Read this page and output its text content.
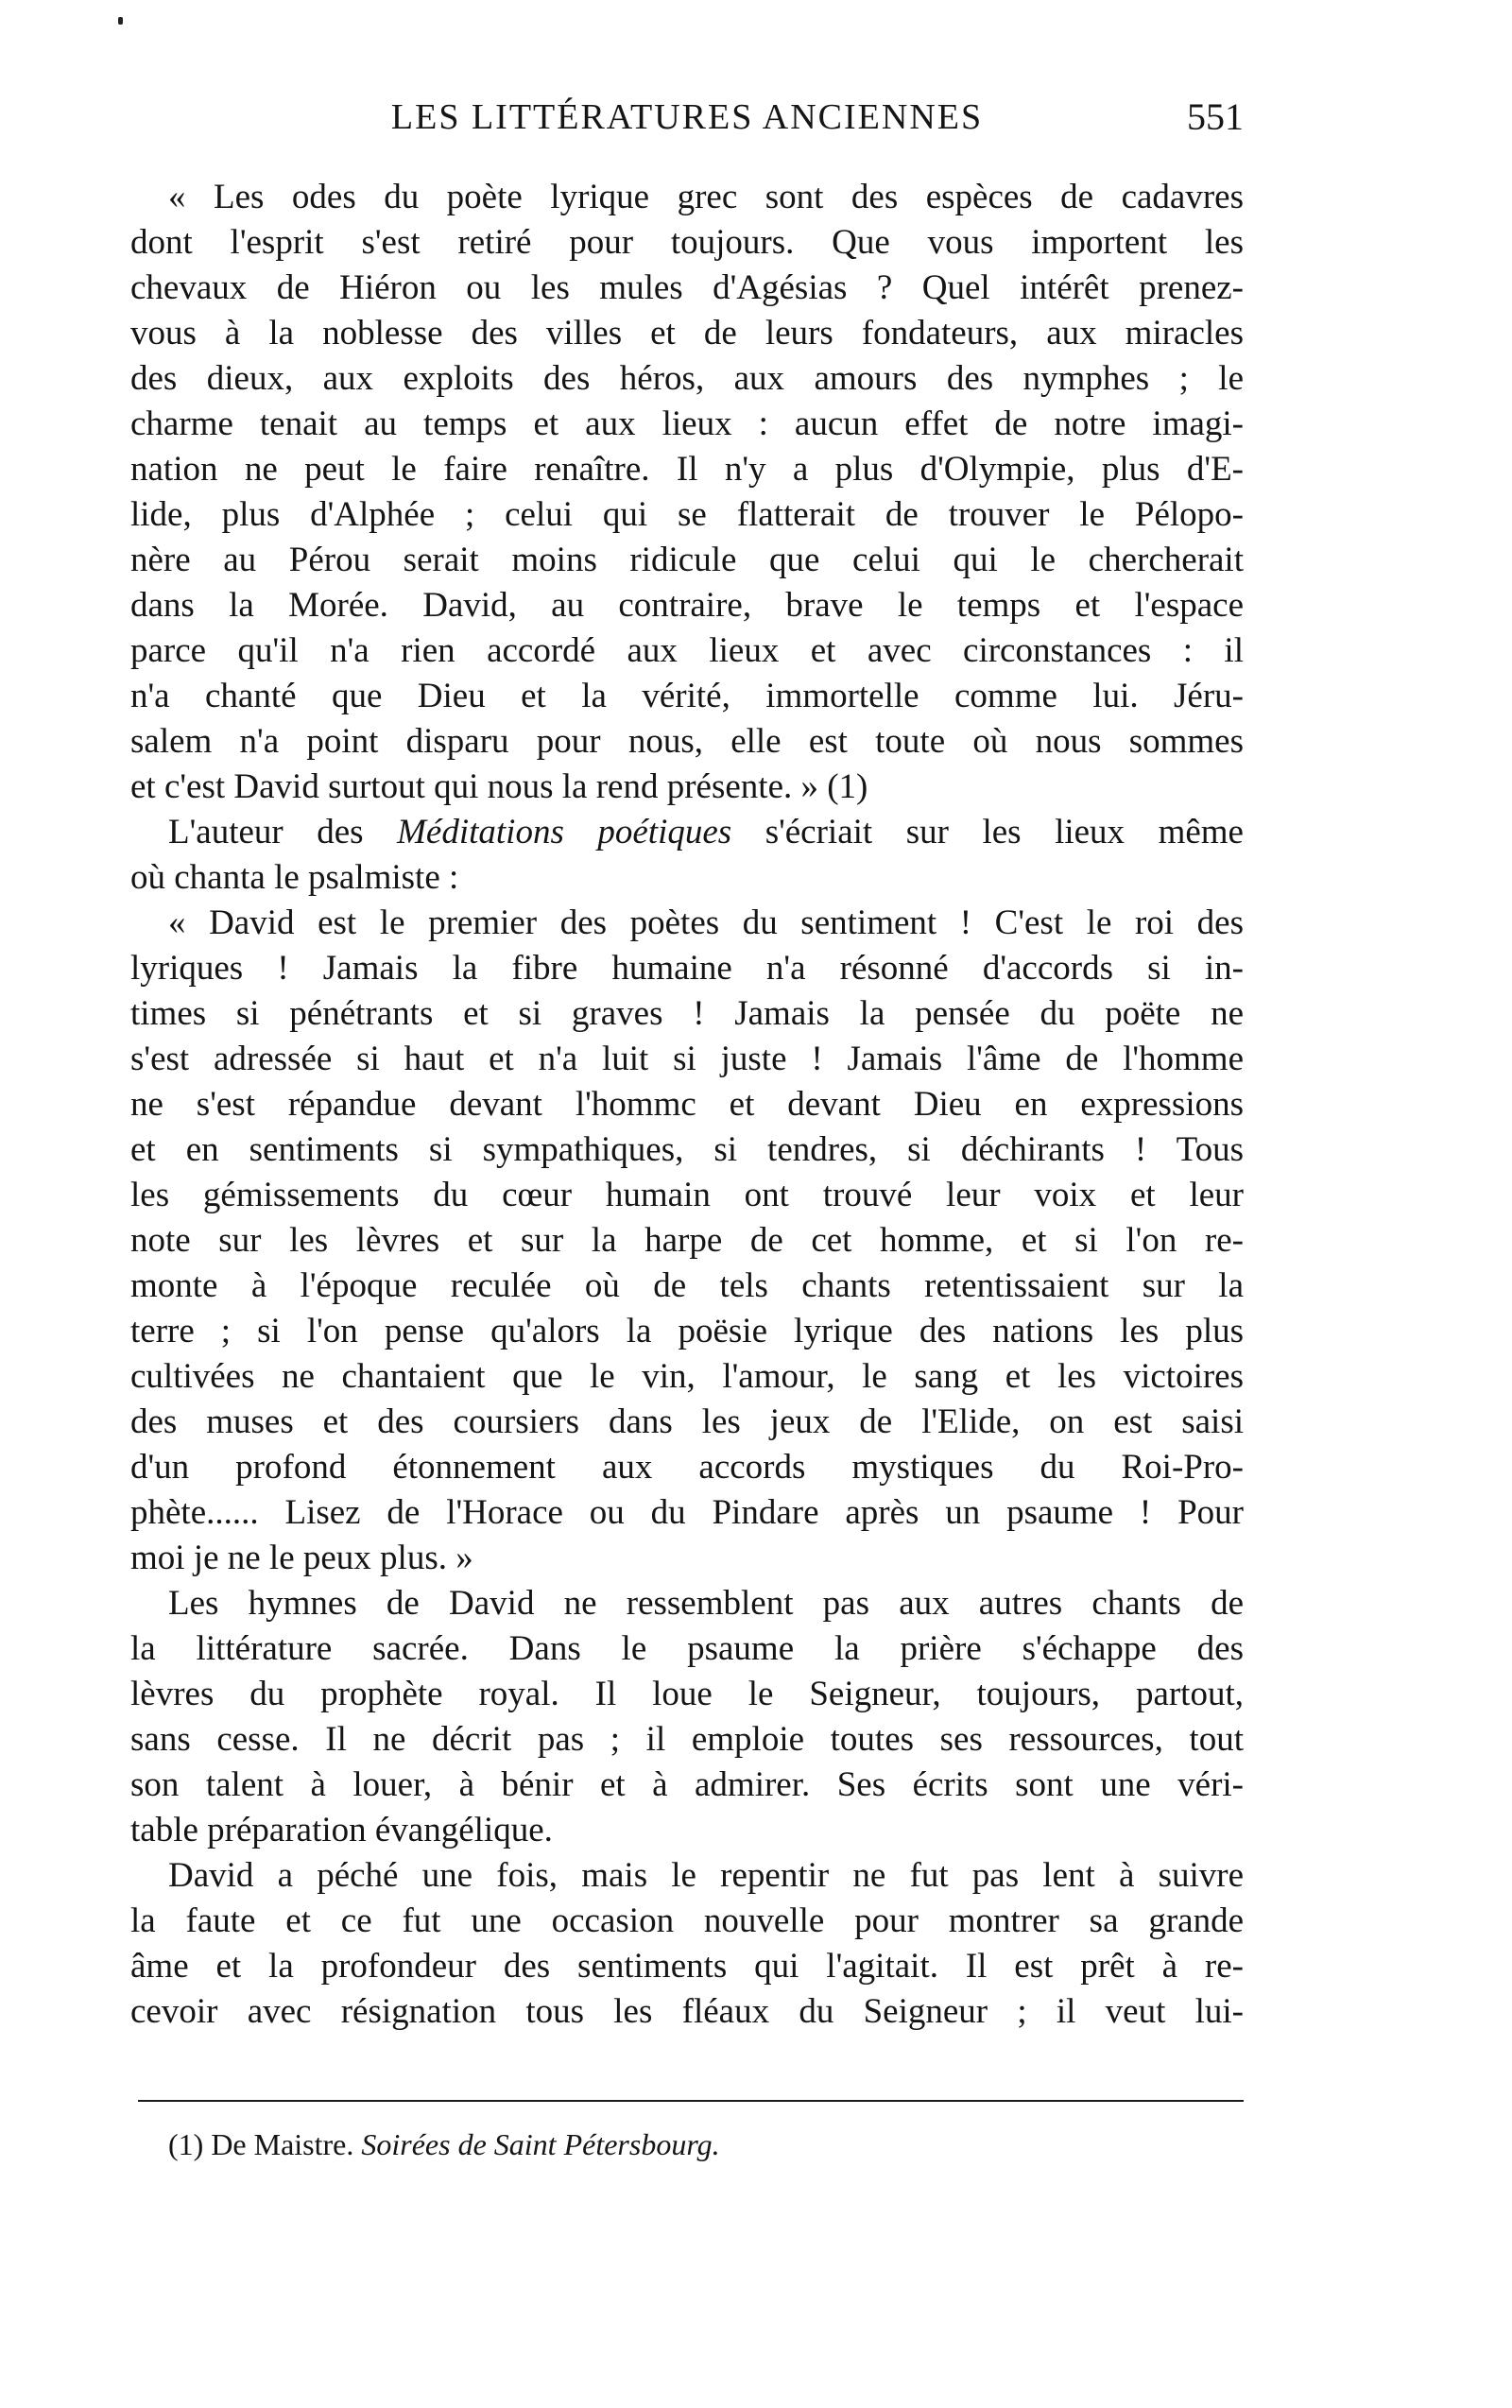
LES LITTÉRATURES ANCIENNES	551
« Les odes du poète lyrique grec sont des espèces de cadavres
dont l'esprit s'est retiré pour toujours. Que vous importent les
chevaux de Hiéron ou les mules d'Agésias ? Quel intérêt prenez-
vous à la noblesse des villes et de leurs fondateurs, aux miracles
des dieux, aux exploits des héros, aux amours des nymphes ; le
charme tenait au temps et aux lieux : aucun effet de notre imagi-
nation ne peut le faire renaître. Il n'y a plus d'Olympie, plus d'E-
lide, plus d'Alphée ; celui qui se flatterait de trouver le Pélopo-
nère au Pérou serait moins ridicule que celui qui le chercherait
dans la Morée. David, au contraire, brave le temps et l'espace
parce qu'il n'a rien accordé aux lieux et avec circonstances : il
n'a chanté que Dieu et la vérité, immortelle comme lui. Jéru-
salem n'a point disparu pour nous, elle est toute où nous sommes
et c'est David surtout qui nous la rend présente. » (1)
L'auteur des Méditations poétiques s'écriait sur les lieux même
où chanta le psalmiste :
« David est le premier des poètes du sentiment ! C'est le roi des
lyriques ! Jamais la fibre humaine n'a résonné d'accords si in-
times si pénétrants et si graves ! Jamais la pensée du poëte ne
s'est adressée si haut et n'a luit si juste ! Jamais l'âme de l'homme
ne s'est répandue devant l'hommc et devant Dieu en expressions
et en sentiments si sympathiques, si tendres, si déchirants ! Tous
les gémissements du cœur humain ont trouvé leur voix et leur
note sur les lèvres et sur la harpe de cet homme, et si l'on re-
monte à l'époque reculée où de tels chants retentissaient sur la
terre ; si l'on pense qu'alors la poësie lyrique des nations les plus
cultivées ne chantaient que le vin, l'amour, le sang et les victoires
des muses et des coursiers dans les jeux de l'Elide, on est saisi
d'un profond étonnement aux accords mystiques du Roi-Pro-
phète...... Lisez de l'Horace ou du Pindare après un psaume ! Pour
moi je ne le peux plus. »
Les hymnes de David ne ressemblent pas aux autres chants de
la littérature sacrée. Dans le psaume la prière s'échappe des
lèvres du prophète royal. Il loue le Seigneur, toujours, partout,
sans cesse. Il ne décrit pas ; il emploie toutes ses ressources, tout
son talent à louer, à bénir et à admirer. Ses écrits sont une véri-
table préparation évangélique.
David a péché une fois, mais le repentir ne fut pas lent à suivre
la faute et ce fut une occasion nouvelle pour montrer sa grande
âme et la profondeur des sentiments qui l'agitait. Il est prêt à re-
cevoir avec résignation tous les fléaux du Seigneur ; il veut lui-
(1) De Maistre. Soirées de Saint Pétersbourg.
